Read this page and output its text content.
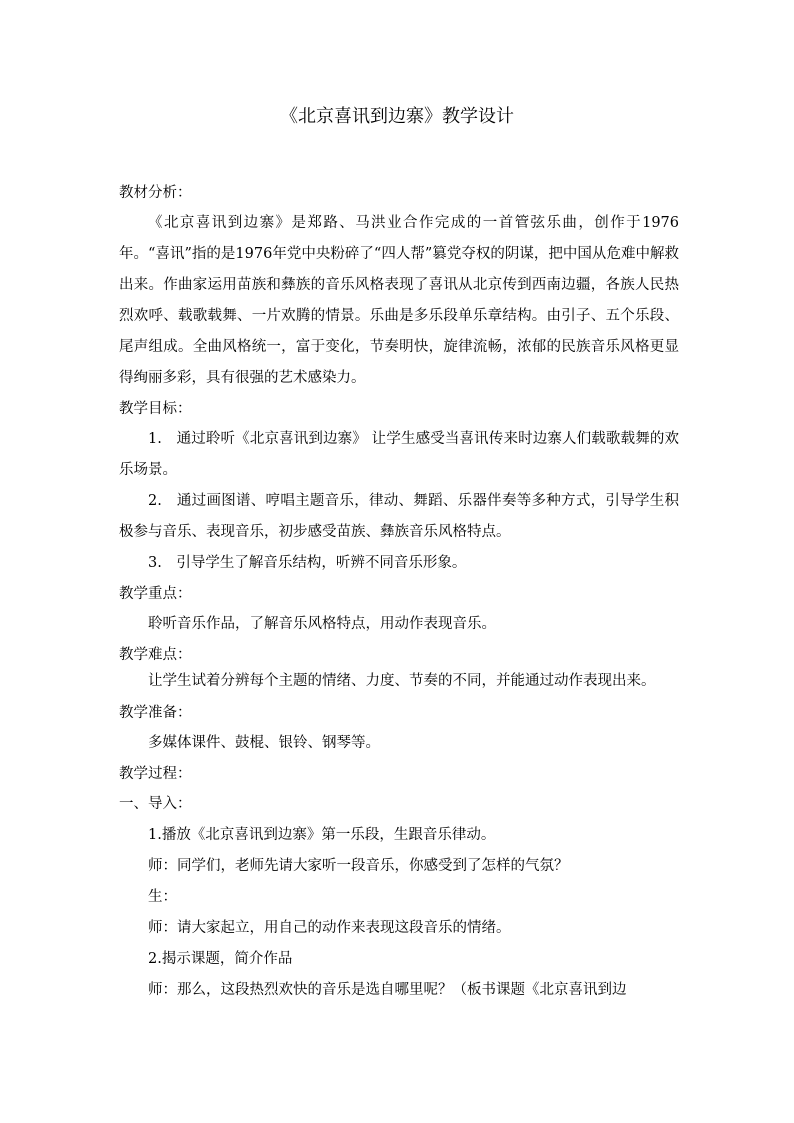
《北京喜讯到边寨》教学设计

教材分析：

《北京喜讯到边寨》是郑路、马洪业合作完成的一首管弦乐曲，创作于1976年。“喜讯”指的是1976年党中央粉碎了“四人帮”篡党夺权的阴谋，把中国从危难中解救出来。作曲家运用苗族和彝族的音乐风格表现了喜讯从北京传到西南边疆，各族人民热烈欢呼、载歌载舞、一片欢腾的情景。乐曲是多乐段单乐章结构。由引子、五个乐段、尾声组成。全曲风格统一，富于变化，节奏明快，旋律流畅，浓郁的民族音乐风格更显得绚丽多彩，具有很强的艺术感染力。

教学目标：

1.　通过聆听《北京喜讯到边寨》 让学生感受当喜讯传来时边寨人们载歌载舞的欢乐场景。

2.　通过画图谱、哼唱主题音乐，律动、舞蹈、乐器伴奏等多种方式，引导学生积极参与音乐、表现音乐，初步感受苗族、彝族音乐风格特点。

3.　引导学生了解音乐结构，听辨不同音乐形象。

教学重点：

聆听音乐作品，了解音乐风格特点，用动作表现音乐。

教学难点：

让学生试着分辨每个主题的情绪、力度、节奏的不同，并能通过动作表现出来。

教学准备：

多媒体课件、鼓棍、银铃、钢琴等。

教学过程：

一、导入：

1.播放《北京喜讯到边寨》第一乐段，生跟音乐律动。

师：同学们，老师先请大家听一段音乐，你感受到了怎样的气氛？

生：

师：请大家起立，用自己的动作来表现这段音乐的情绪。

2.揭示课题，简介作品

师：那么，这段热烈欢快的音乐是选自哪里呢？（板书课题《北京喜讯到边
